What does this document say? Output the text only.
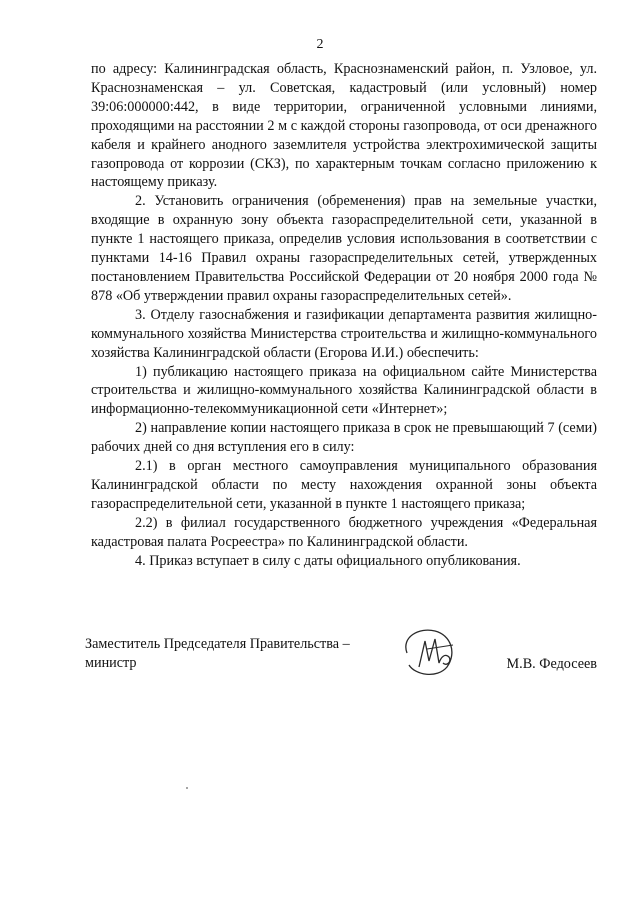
2

по адресу: Калининградская область, Краснознаменский район, п. Узловое, ул. Краснознаменская – ул. Советская, кадастровый (или условный) номер 39:06:000000:442, в виде территории, ограниченной условными линиями, проходящими на расстоянии 2 м с каждой стороны газопровода, от оси дренажного кабеля и крайнего анодного заземлителя устройства электрохимической защиты газопровода от коррозии (СКЗ), по характерным точкам согласно приложению к настоящему приказу.

2. Установить ограничения (обременения) прав на земельные участки, входящие в охранную зону объекта газораспределительной сети, указанной в пункте 1 настоящего приказа, определив условия использования в соответствии с пунктами 14-16 Правил охраны газораспределительных сетей, утвержденных постановлением Правительства Российской Федерации от 20 ноября 2000 года № 878 «Об утверждении правил охраны газораспределительных сетей».

3. Отделу газоснабжения и газификации департамента развития жилищно-коммунального хозяйства Министерства строительства и жилищно-коммунального хозяйства Калининградской области (Егорова И.И.) обеспечить:

1) публикацию настоящего приказа на официальном сайте Министерства строительства и жилищно-коммунального хозяйства Калининградской области в информационно-телекоммуникационной сети «Интернет»;

2) направление копии настоящего приказа в срок не превышающий 7 (семи) рабочих дней со дня вступления его в силу:

2.1) в орган местного самоуправления муниципального образования Калининградской области по месту нахождения охранной зоны объекта газораспределительной сети, указанной в пункте 1 настоящего приказа;

2.2) в филиал государственного бюджетного учреждения «Федеральная кадастровая палата Росреестра» по Калининградской области.

4. Приказ вступает в силу с даты официального опубликования.

Заместитель Председателя Правительства – министр	М.В. Федосеев
